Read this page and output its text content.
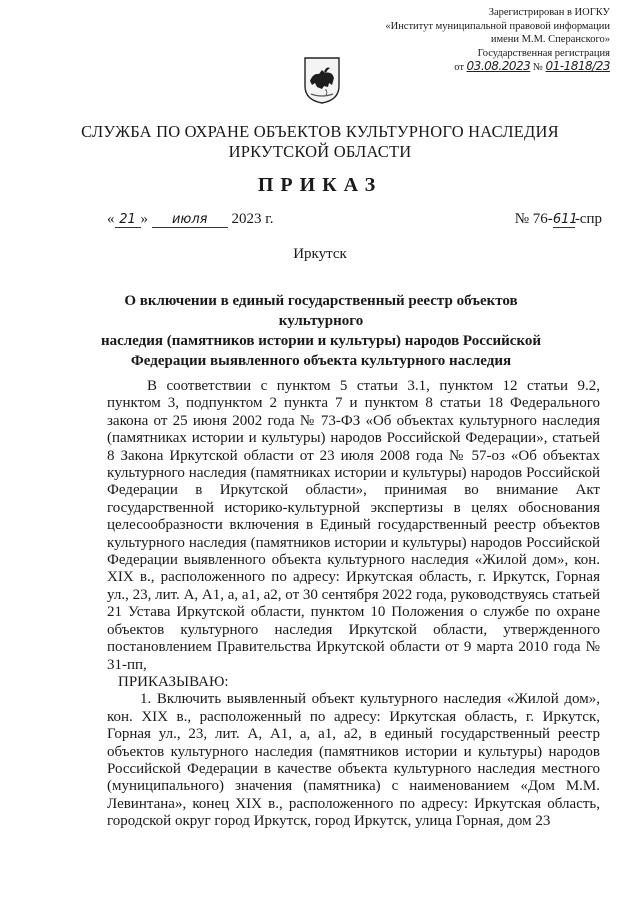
Зарегистрирован в ИОГКУ
«Институт муниципальной правовой информации
имени М.М. Сперанского»
Государственная регистрация
от 03.08.2023 № 01-1818/23
СЛУЖБА ПО ОХРАНЕ ОБЪЕКТОВ КУЛЬТУРНОГО НАСЛЕДИЯ
ИРКУТСКОЙ ОБЛАСТИ
ПРИКАЗ
« 21 » июля 2023 г.	№ 76-611-спр
Иркутск
О включении в единый государственный реестр объектов культурного
наследия (памятников истории и культуры) народов Российской
Федерации выявленного объекта культурного наследия

В соответствии с пунктом 5 статьи 3.1, пунктом 12 статьи 9.2, пунктом 3, подпунктом 2 пункта 7 и пунктом 8 статьи 18 Федерального закона от 25 июня 2002 года № 73-ФЗ «Об объектах культурного наследия (памятниках истории и культуры) народов Российской Федерации», статьей 8 Закона Иркутской области от 23 июля 2008 года № 57-оз «Об объектах культурного наследия (памятниках истории и культуры) народов Российской Федерации в Иркутской области», принимая во внимание Акт государственной историко-культурной экспертизы в целях обоснования целесообразности включения в Единый государственный реестр объектов культурного наследия (памятников истории и культуры) народов Российской Федерации выявленного объекта культурного наследия «Жилой дом», кон. XIX в., расположенного по адресу: Иркутская область, г. Иркутск, Горная ул., 23, лит. А, А1, а, а1, а2, от 30 сентября 2022 года, руководствуясь статьей 21 Устава Иркутской области, пунктом 10 Положения о службе по охране объектов культурного наследия Иркутской области, утвержденного постановлением Правительства Иркутской области от 9 марта 2010 года № 31-пп,

ПРИКАЗЫВАЮ:

1. Включить выявленный объект культурного наследия «Жилой дом», кон. XIX в., расположенный по адресу: Иркутская область, г. Иркутск, Горная ул., 23, лит. А, А1, а, а1, а2, в единый государственный реестр объектов культурного наследия (памятников истории и культуры) народов Российской Федерации в качестве объекта культурного наследия местного (муниципального) значения (памятника) с наименованием «Дом М.М. Левинтана», конец XIX в., расположенного по адресу: Иркутская область, городской округ город Иркутск, город Иркутск, улица Горная, дом 23
